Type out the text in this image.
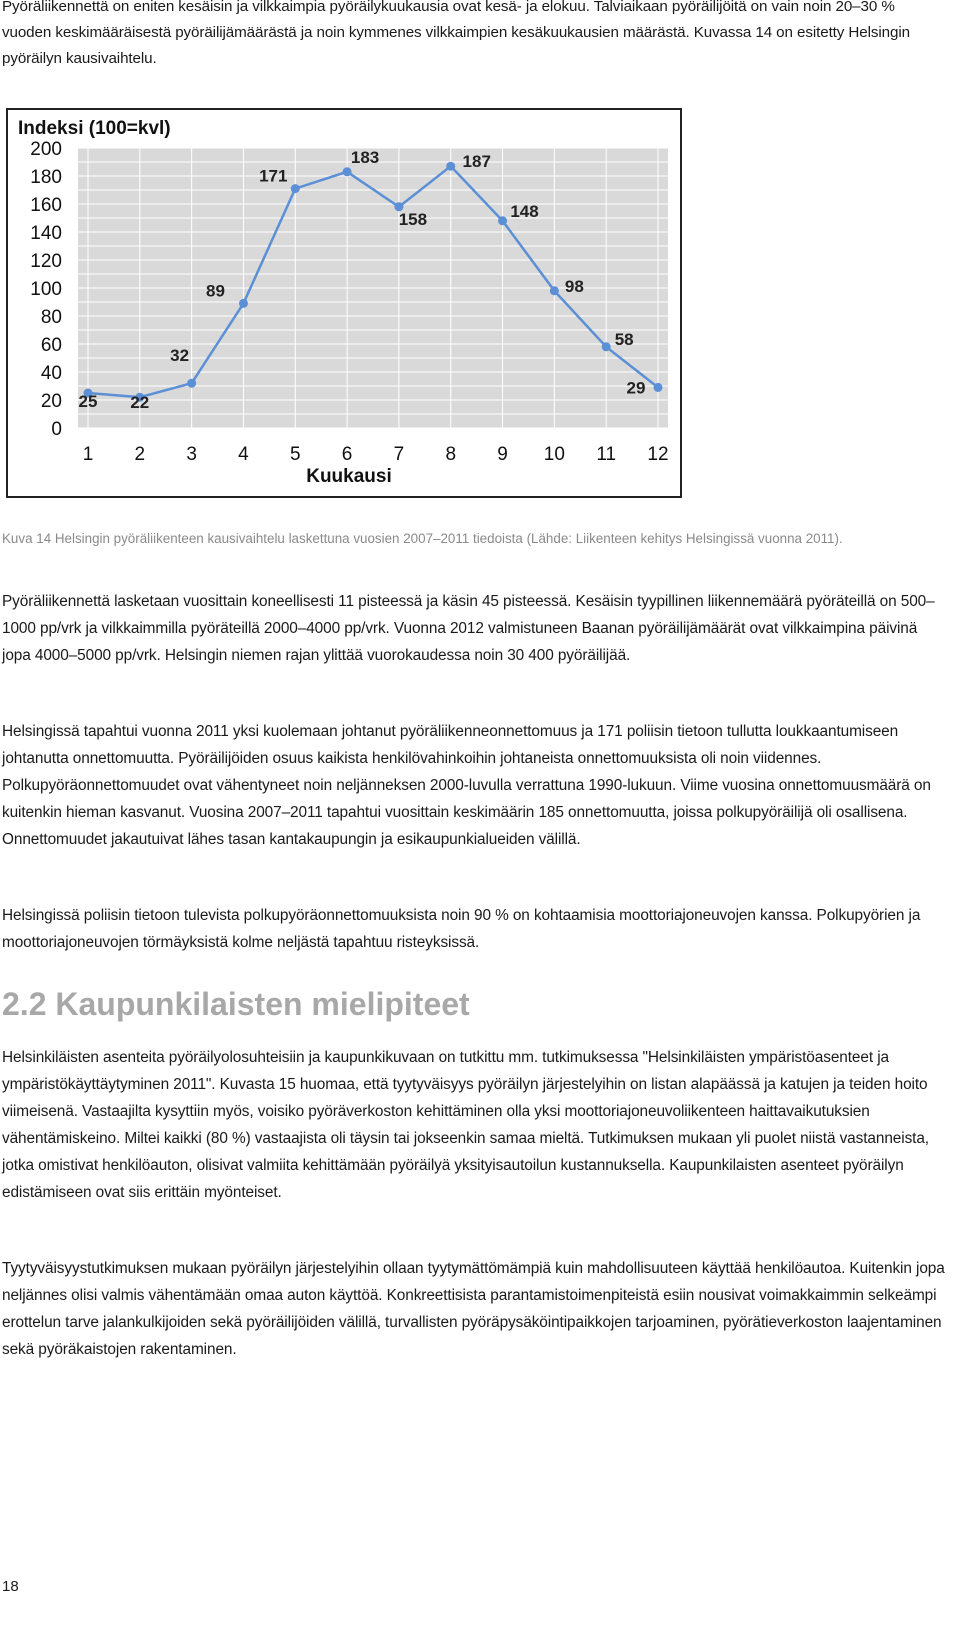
Pyöräliikennettä on eniten kesäisin ja vilkkaimpia pyöräilykuukausia ovat kesä- ja elokuu. Talviaikaan pyöräilijöitä on vain noin 20–30 % vuoden keskimääräisestä pyöräilijämäärästä ja noin kymmenes vilkkaimpien kesäkuukausien määrästä. Kuvassa 14 on esitetty Helsingin pyöräilyn kausivaihtelu.

0
20
40
60
80
100
120
140
160
180
200
1 2 3 4 5 6 7 8 9 10 11 12
25 22
32
89
171
183
158
187
148
98
58
29
Indeksi (100=kvl)
Kuukausi

Kuva 14 Helsingin pyöräliikenteen kausivaihtelu laskettuna vuosien 2007–2011 tiedoista (Lähde: Liikenteen kehitys Helsingissä vuonna 2011).

Pyöräliikennettä lasketaan vuosittain koneellisesti 11 pisteessä ja käsin 45 pisteessä. Kesäisin tyypillinen liikennemäärä pyöräteillä on 500–1000 pp/vrk ja vilkkaimmilla pyöräteillä 2000–4000 pp/vrk. Vuonna 2012 valmistuneen Baanan pyöräilijämäärät ovat vilkkaimpina päivinä jopa 4000–5000 pp/vrk. Helsingin niemen rajan ylittää vuorokaudessa noin 30 400 pyöräilijää.

Helsingissä tapahtui vuonna 2011 yksi kuolemaan johtanut pyöräliikenneonnettomuus ja 171 poliisin tietoon tullutta loukkaantumiseen johtanutta onnettomuutta. Pyöräilijöiden osuus kaikista henkilövahinkoihin johtaneista onnettomuuksista oli noin viidennes. Polkupyöräonnettomuudet ovat vähentyneet noin neljänneksen 2000-luvulla verrattuna 1990-lukuun. Viime vuosina onnettomuusmäärä on kuitenkin hieman kasvanut. Vuosina 2007–2011 tapahtui vuosittain keskimäärin 185 onnettomuutta, joissa polkupyöräilijä oli osallisena. Onnettomuudet jakautuivat lähes tasan kantakaupungin ja esikaupunkialueiden välillä.

Helsingissä poliisin tietoon tulevista polkupyöräonnettomuuksista noin 90 % on kohtaamisia moottoriajoneuvojen kanssa. Polkupyörien ja moottoriajoneuvojen törmäyksistä kolme neljästä tapahtuu risteyksissä.

2.2 Kaupunkilaisten mielipiteet

Helsinkiläisten asenteita pyöräilyolosuhteisiin ja kaupunkikuvaan on tutkittu mm. tutkimuksessa "Helsinkiläisten ympäristöasenteet ja ympäristökäyttäytyminen 2011". Kuvasta 15 huomaa, että tyytyväisyys pyöräilyn järjestelyihin on listan alapäässä ja katujen ja teiden hoito viimeisenä. Vastaajilta kysyttiin myös, voisiko pyöräverkoston kehittäminen olla yksi moottoriajoneuvoliikenteen haittavaikutuksien vähentämiskeino. Miltei kaikki (80 %) vastaajista oli täysin tai jokseenkin samaa mieltä. Tutkimuksen mukaan yli puolet niistä vastanneista, jotka omistivat henkilöauton, olisivat valmiita kehittämään pyöräilyä yksityisautoilun kustannuksella. Kaupunkilaisten asenteet pyöräilyn edistämiseen ovat siis erittäin myönteiset.

Tyytyväisyystutkimuksen mukaan pyöräilyn järjestelyihin ollaan tyytymättömämpiä kuin mahdollisuuteen käyttää henkilöautoa. Kuitenkin jopa neljännes olisi valmis vähentämään omaa auton käyttöä. Konkreettisista parantamistoimenpiteistä esiin nousivat voimakkaimmin selkeämpi erottelun tarve jalankulkijoiden sekä pyöräilijöiden välillä, turvallisten pyöräpysäköintipaikkojen tarjoaminen, pyörätieverkoston laajentaminen sekä pyöräkaistojen rakentaminen.

18
